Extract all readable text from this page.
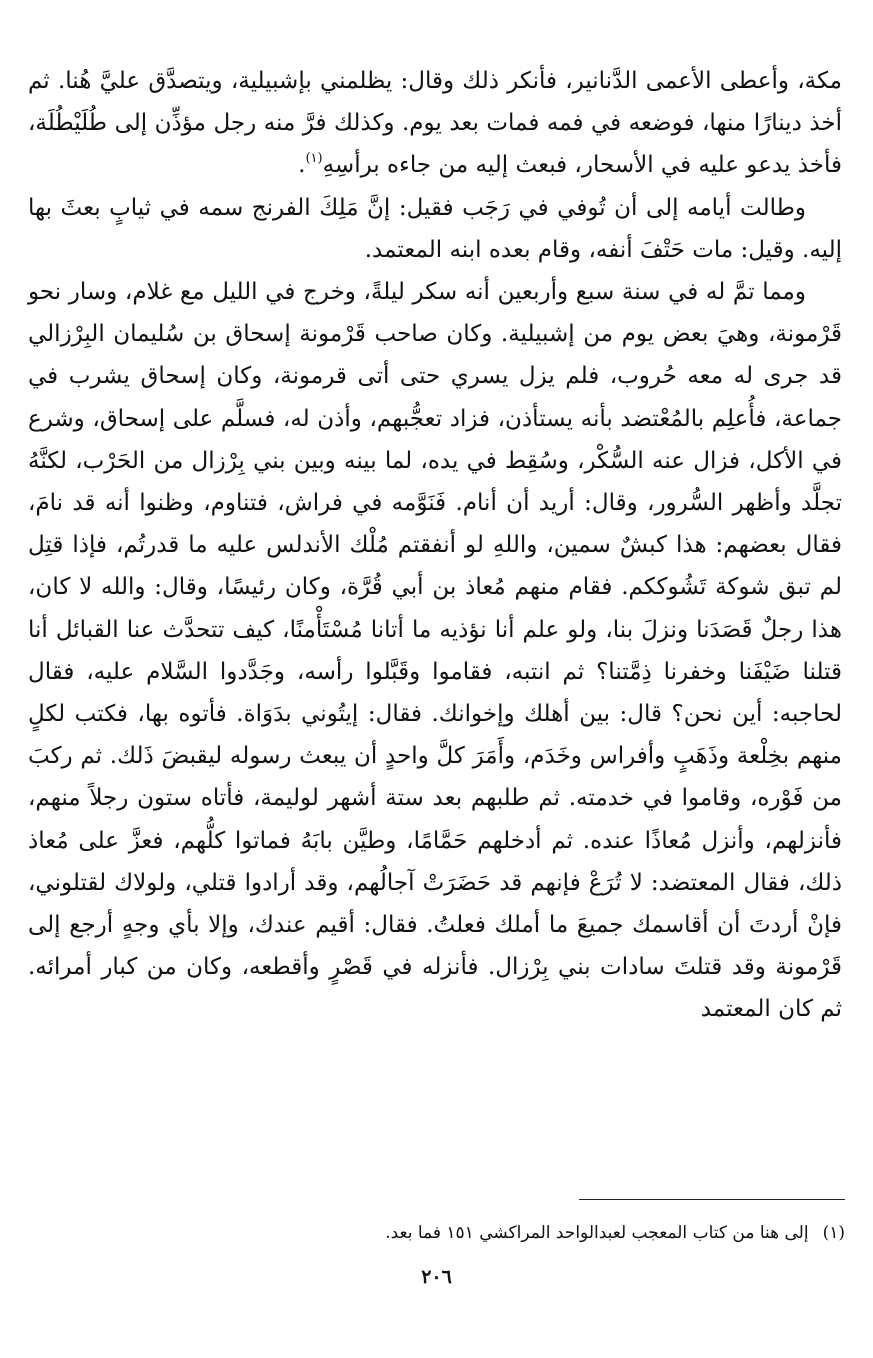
مكة، وأعطى الأعمى الدَّنانير، فأنكر ذلك وقال: يظلمني بإشبيلية، ويتصدَّق عليَّ هُنا. ثم أخذ دينارًا منها، فوضعه في فمه فمات بعد يوم. وكذلك فرَّ منه رجل مؤذِّن إلى طُلَيْطُلَة، فأخذ يدعو عليه في الأسحار، فبعث إليه من جاءه برأسِهِ$^{(١)}$.

وطالت أيامه إلى أن تُوفي في رَجَب فقيل: إنَّ مَلِكَ الفرنج سمه في ثيابٍ بعثَ بها إليه. وقيل: مات حَتْفَ أنفه، وقام بعده ابنه المعتمد.

ومما تمَّ له في سنة سبع وأربعين أنه سكر ليلةً، وخرج في الليل مع غلام، وسار نحو قَرْمونة، وهيَ بعض يوم من إشبيلية. وكان صاحب قَرْمونة إسحاق بن سُليمان البِرْزالي قد جرى له معه حُروب، فلم يزل يسري حتى أتى قرمونة، وكان إسحاق يشرب في جماعة، فأُعلِم بالمُعْتضد بأنه يستأذن، فزاد تعجُّبهم، وأذن له، فسلَّم على إسحاق، وشرع في الأكل، فزال عنه السُّكْر، وسُقِط في يده، لما بينه وبين بني بِرْزال من الحَرْب، لكنَّهُ تجلَّد وأظهر السُّرور، وقال: أريد أن أنام. فَنَوَّمه في فراش، فتناوم، وظنوا أنه قد نامَ، فقال بعضهم: هذا كبشٌ سمين، واللهِ لو أنفقتم مُلْك الأندلس عليه ما قدرتُم، فإذا قتِل لم تبق شوكة تَشُوككم. فقام منهم مُعاذ بن أبي قُرَّة، وكان رئيسًا، وقال: والله لا كان، هذا رجلٌ قَصَدَنا ونزلَ بنا، ولو علم أنا نؤذيه ما أتانا مُسْتَأْمنًا، كيف تتحدَّث عنا القبائل أنا قتلنا ضَيْفَنا وخفرنا ذِمَّتنا؟ ثم انتبه، فقاموا وقَبَّلوا رأسه، وجَدَّدوا السَّلام عليه، فقال لحاجبه: أين نحن؟ قال: بين أهلك وإخوانك. فقال: إيتُوني بدَوَاة. فأتوه بها، فكتب لكلٍ منهم بخِلْعة وذَهَبٍ وأفراس وخَدَم، وأَمَرَ كلَّ واحدٍ أن يبعث رسوله ليقبضَ ذَلك. ثم ركبَ من فَوْره، وقاموا في خدمته. ثم طلبهم بعد ستة أشهر لوليمة، فأتاه ستون رجلاً منهم، فأنزلهم، وأنزل مُعاذًا عنده. ثم أدخلهم حَمَّامًا، وطيَّن بابَهُ فماتوا كلُّهم، فعزَّ على مُعاذ ذلك، فقال المعتضد: لا تُرَعْ فإنهم قد حَضَرَتْ آجالُهم، وقد أرادوا قتلي، ولولاك لقتلوني، فإنْ أردتَ أن أقاسمك جميعَ ما أملك فعلتُ. فقال: أقيم عندك، وإلا بأي وجهٍ أرجع إلى قَرْمونة وقد قتلتَ سادات بني بِرْزال. فأنزله في قَصْرٍ وأقطعه، وكان من كبار أمرائه. ثم كان المعتمد

(١)إلى هنا من كتاب المعجب لعبدالواحد المراكشي ١٥١ فما بعد.
٢٠٦
